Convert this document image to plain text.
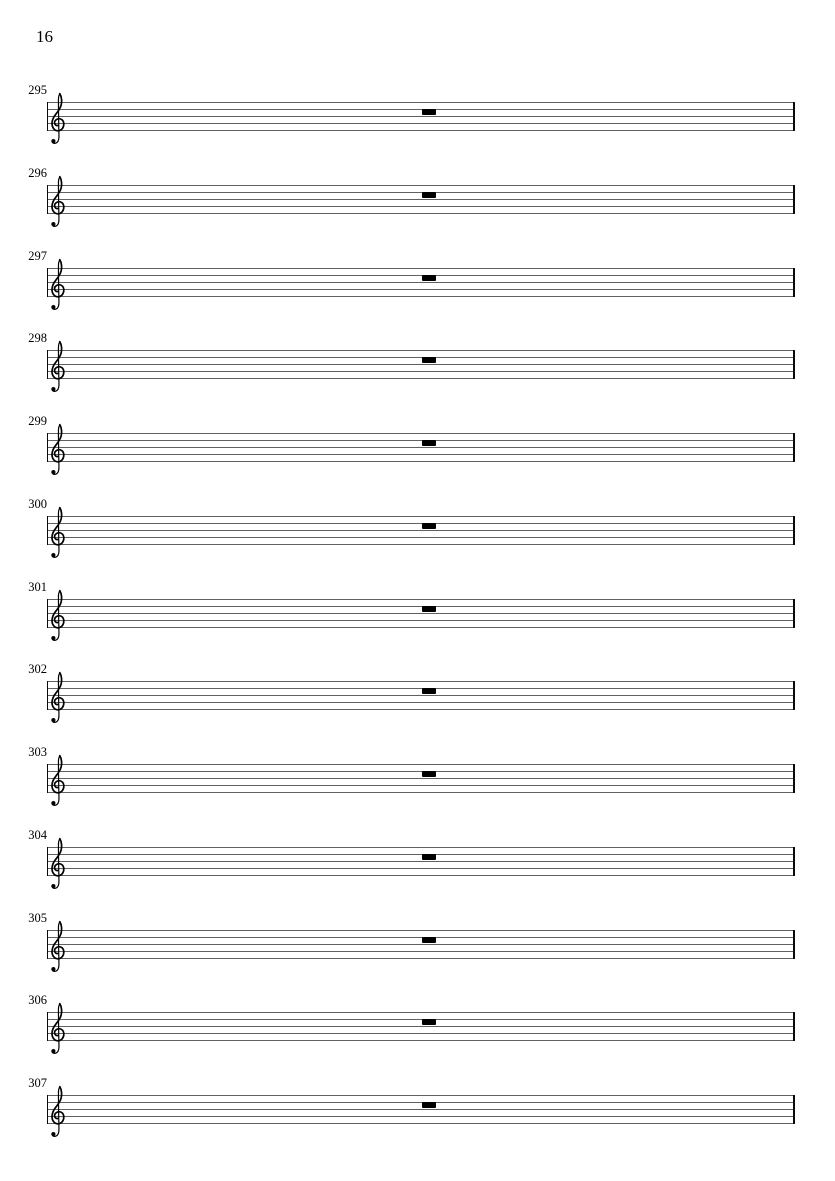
16
295
296
297
298
299
300
301
302
303
304
305
306
307
